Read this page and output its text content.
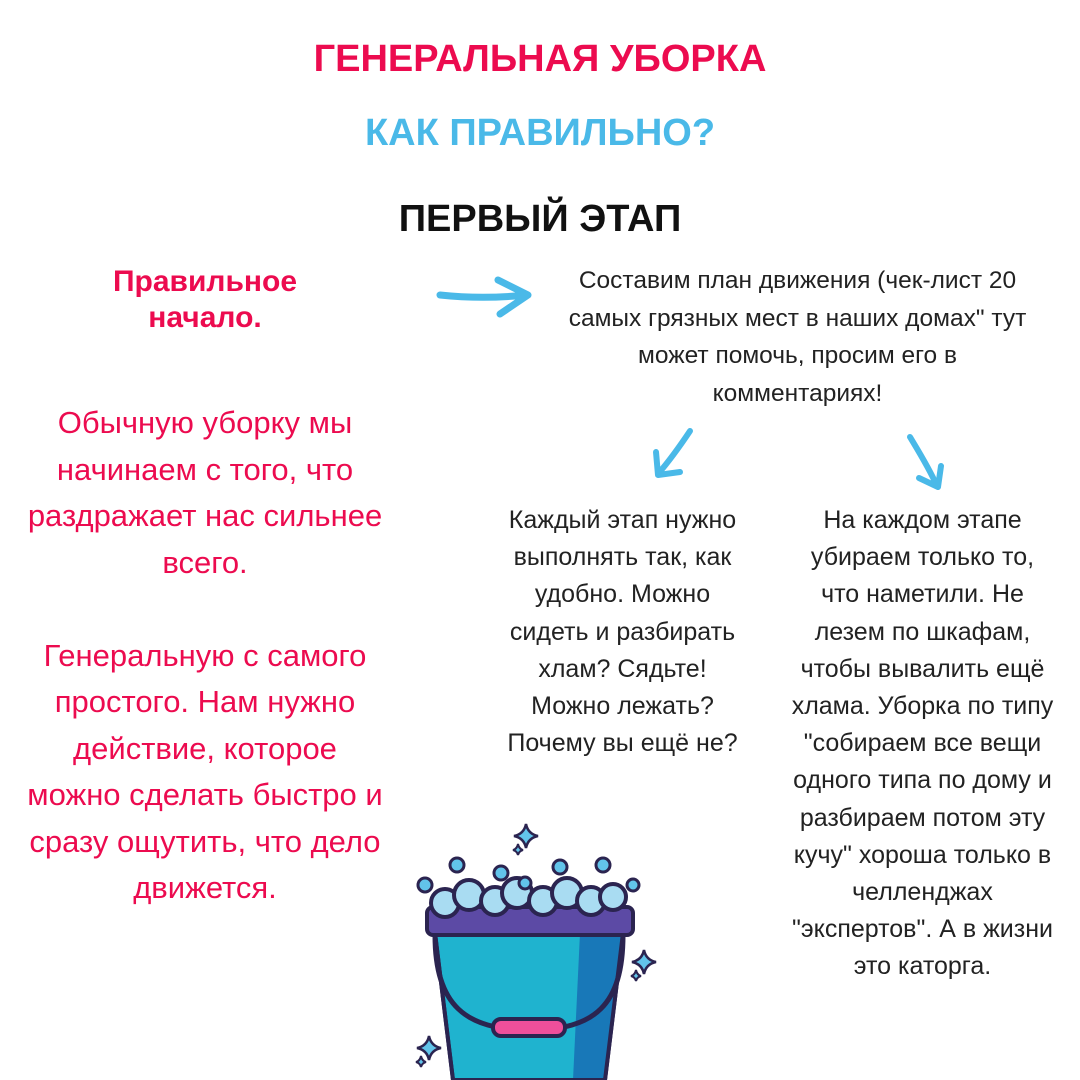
ГЕНЕРАЛЬНАЯ УБОРКА
КАК ПРАВИЛЬНО?
ПЕРВЫЙ ЭТАП
Правильное начало.
Обычную уборку мы начинаем с того, что раздражает нас сильнее всего.

Генеральную с самого простого. Нам нужно действие, которое можно сделать быстро и сразу ощутить, что дело движется.
Составим план движения (чек-лист 20 самых грязных мест в наших домах" тут может помочь, просим его в комментариях!
Каждый этап нужно выполнять так, как удобно. Можно сидеть и разбирать хлам? Сядьте! Можно лежать? Почему вы ещё не?
На каждом этапе убираем только то, что наметили. Не лезем по шкафам, чтобы вывалить ещё хлама. Уборка по типу "собираем все вещи одного типа по дому и разбираем потом эту кучу" хороша только в челленджах "экспертов". А в жизни это каторга.
